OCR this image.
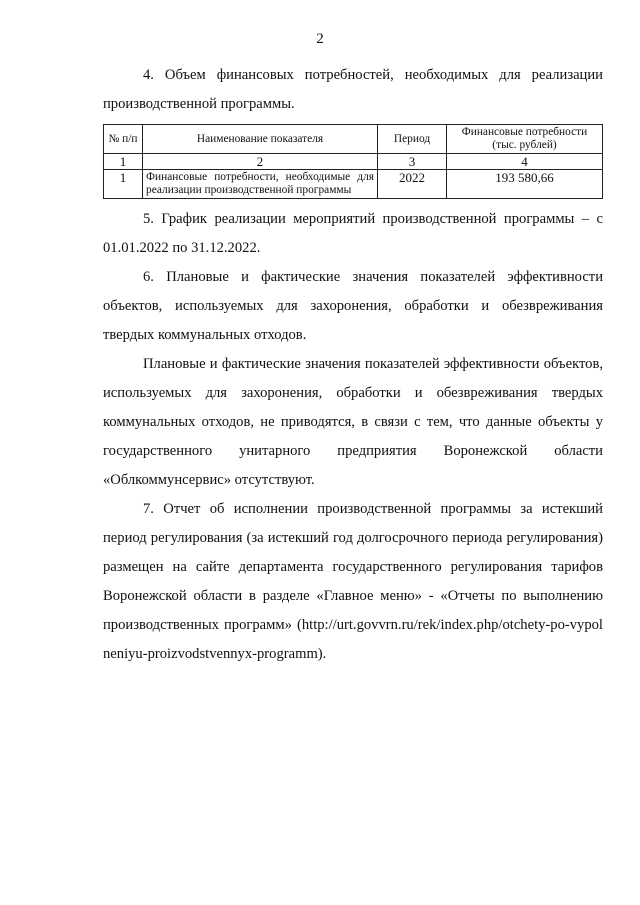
2

4. Объем финансовых потребностей, необходимых для реализации производственной программы.

№ п/п	Наименование показателя	Период	Финансовые потребности (тыс. рублей)
1	2	3	4
1	Финансовые потребности, необходимые для реализации производственной программы	2022	193 580,66

5. График реализации мероприятий производственной программы – с 01.01.2022 по 31.12.2022.

6. Плановые и фактические значения показателей эффективности объектов, используемых для захоронения, обработки и обезвреживания твердых коммунальных отходов.

Плановые и фактические значения показателей эффективности объектов, используемых для захоронения, обработки и обезвреживания твердых коммунальных отходов, не приводятся, в связи с тем, что данные объекты у государственного унитарного предприятия Воронежской области «Облкоммунсервис» отсутствуют.

7. Отчет об исполнении производственной программы за истекший период регулирования (за истекший год долгосрочного периода регулирования) размещен на сайте департамента государственного регулирования тарифов Воронежской области в разделе «Главное меню» - «Отчеты по выполнению производственных программ» (http://urt.govvrn.ru/rek/index.php/otchety-po-vypolneniyu-proizvodstvennyx-programm).
